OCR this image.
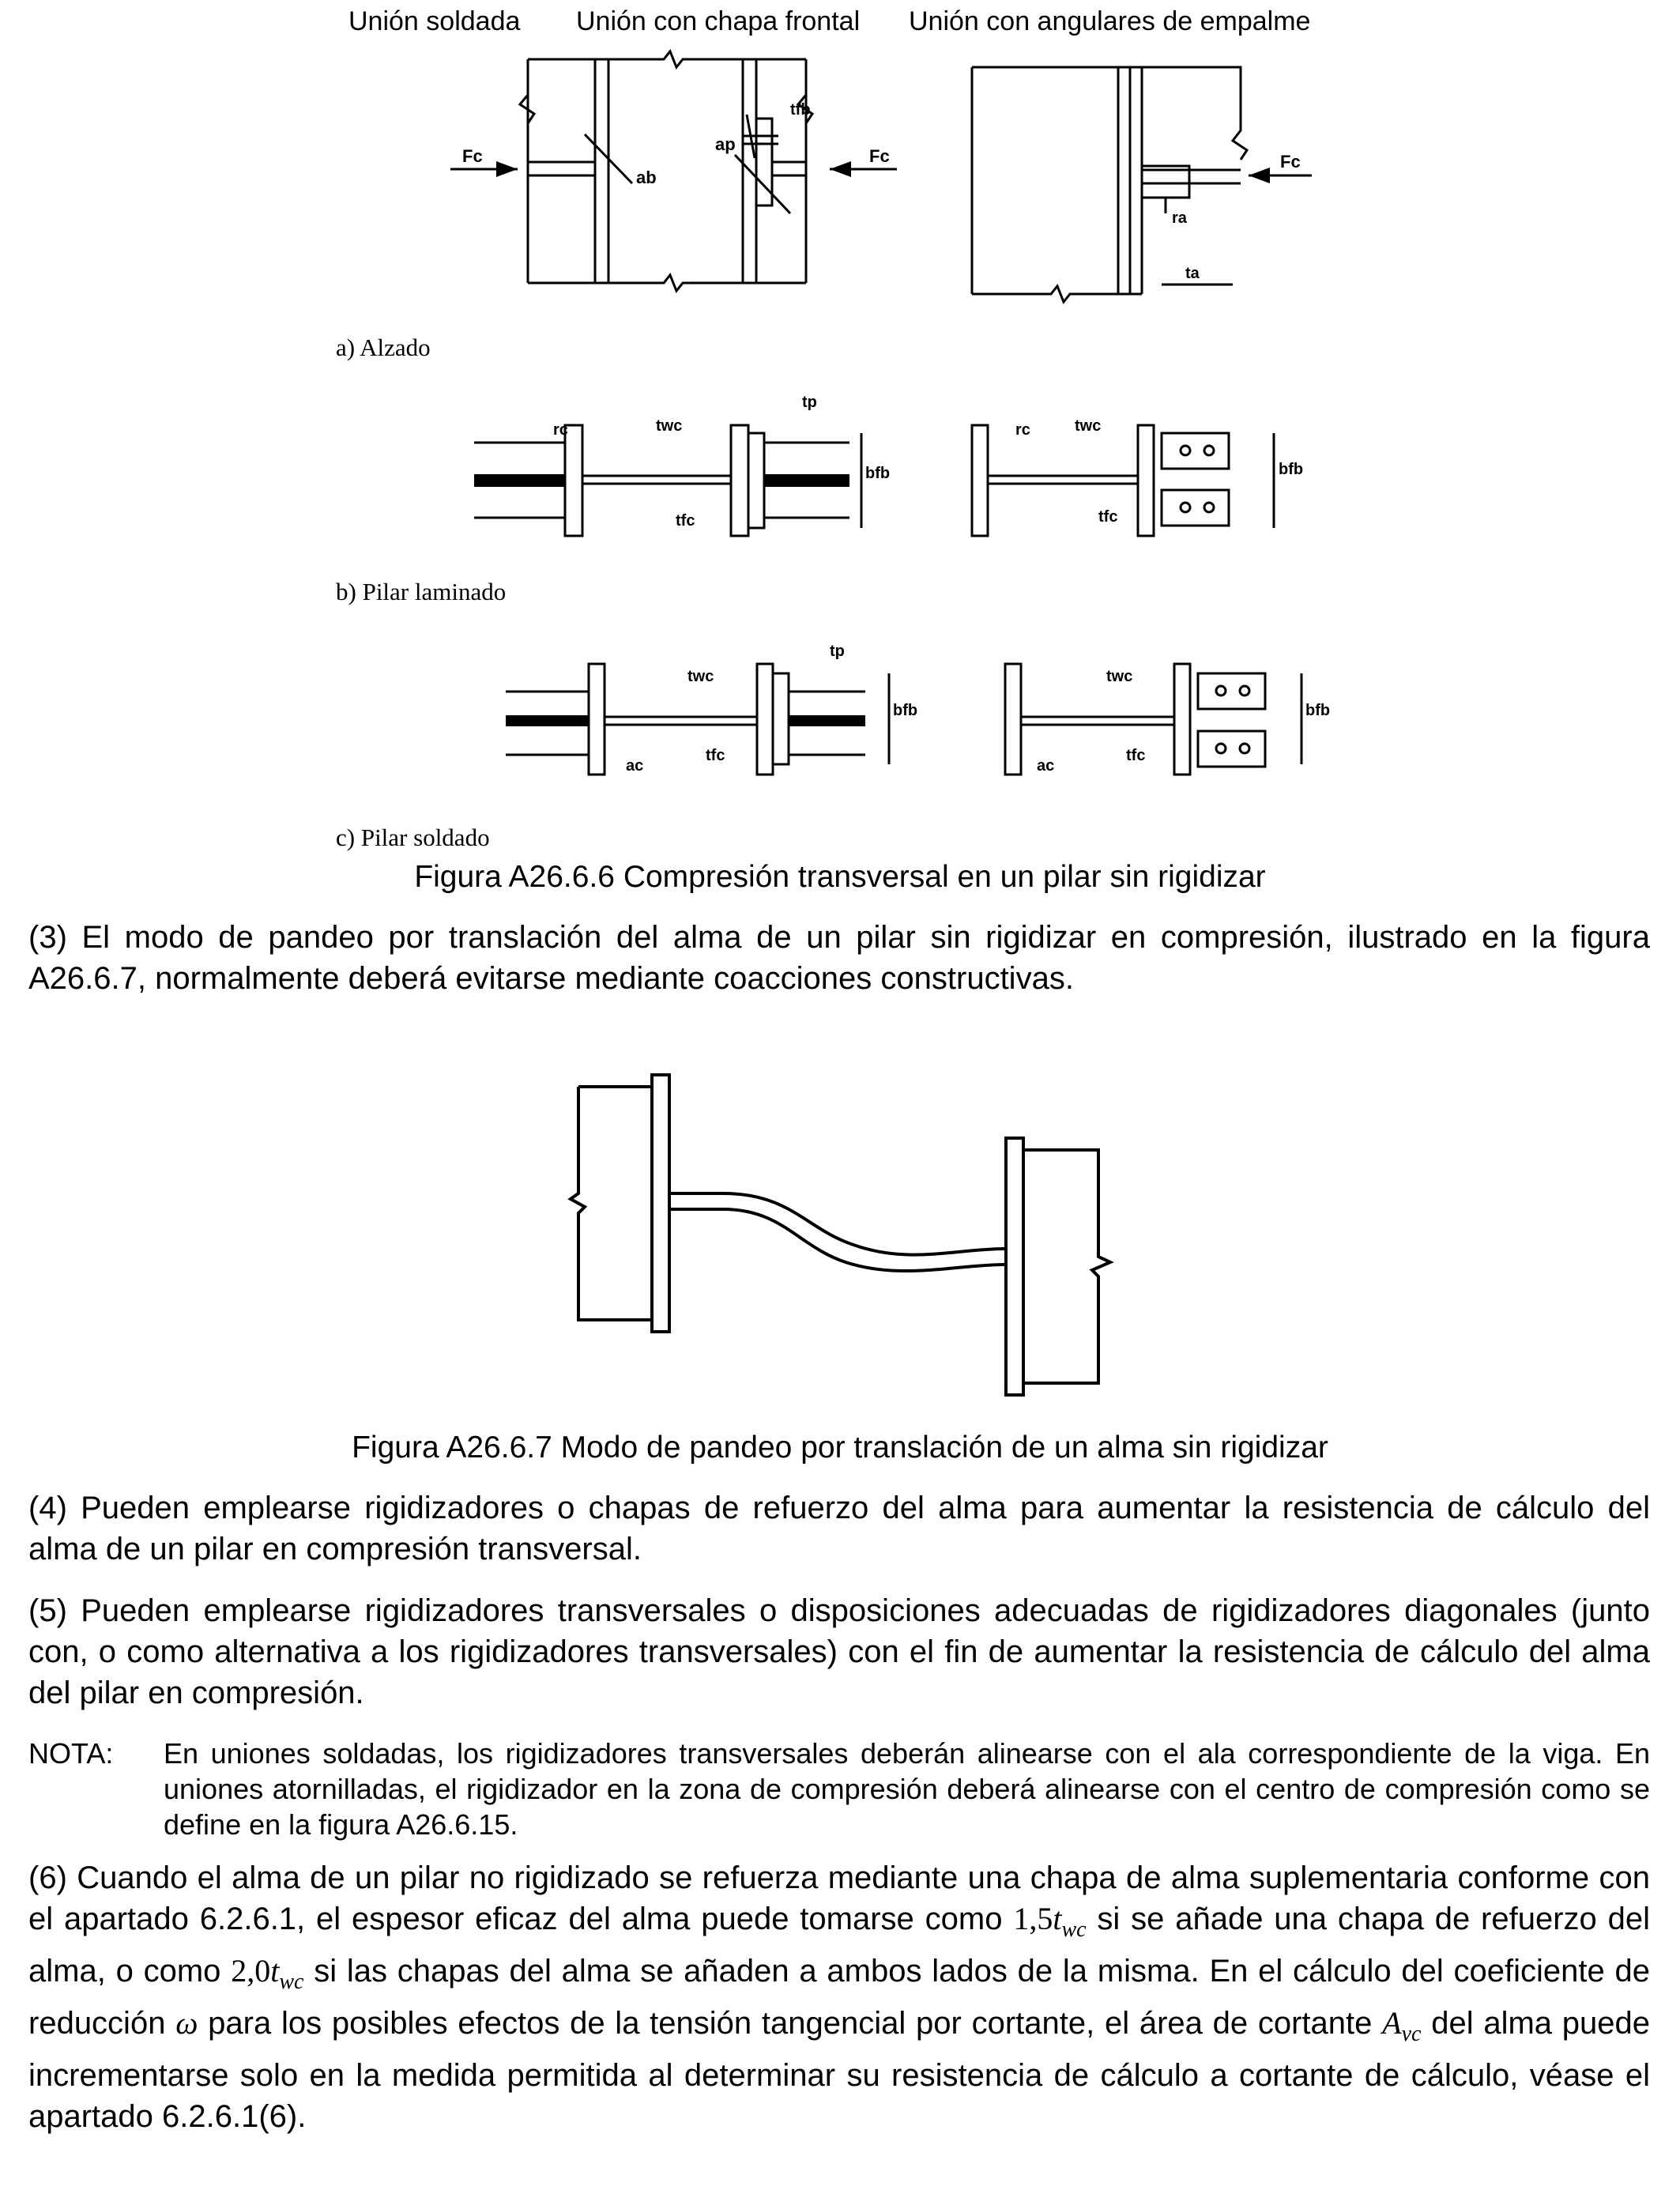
Unión soldada Unión con chapa frontal Unión con angulares de empalme
Fc	Fc	Fc
ab
ap
tfb
ra
ta
rc	twc
tp
tfc
bfb
rc	twc
tfc
bfb
twc
tp
ac
tfc
bfb
twc
ac
tfc
bfb
a) Alzado
b) Pilar laminado
c) Pilar soldado
Figura A26.6.6 Compresión transversal en un pilar sin rigidizar
(3) El modo de pandeo por translación del alma de un pilar sin rigidizar en compresión, ilustrado en la figura A26.6.7, normalmente deberá evitarse mediante coacciones constructivas.
Figura A26.6.7 Modo de pandeo por translación de un alma sin rigidizar
(4) Pueden emplearse rigidizadores o chapas de refuerzo del alma para aumentar la resistencia de cálculo del alma de un pilar en compresión transversal.
(5) Pueden emplearse rigidizadores transversales o disposiciones adecuadas de rigidizadores diagonales (junto con, o como alternativa a los rigidizadores transversales) con el fin de aumentar la resistencia de cálculo del alma del pilar en compresión.
NOTA: En uniones soldadas, los rigidizadores transversales deberán alinearse con el ala correspondiente de la viga. En uniones atornilladas, el rigidizador en la zona de compresión deberá alinearse con el centro de compresión como se define en la figura A26.6.15.
(6) Cuando el alma de un pilar no rigidizado se refuerza mediante una chapa de alma suplementaria conforme con el apartado 6.2.6.1, el espesor eficaz del alma puede tomarse como $1,5t_{wc}$ si se añade una chapa de refuerzo del alma, o como $2,0t_{wc}$ si las chapas del alma se añaden a ambos lados de la misma. En el cálculo del coeficiente de reducción ω para los posibles efectos de la tensión tangencial por cortante, el área de cortante $A_{vc}$ del alma puede incrementarse solo en la medida permitida al determinar su resistencia de cálculo a cortante de cálculo, véase el apartado 6.2.6.1(6).
